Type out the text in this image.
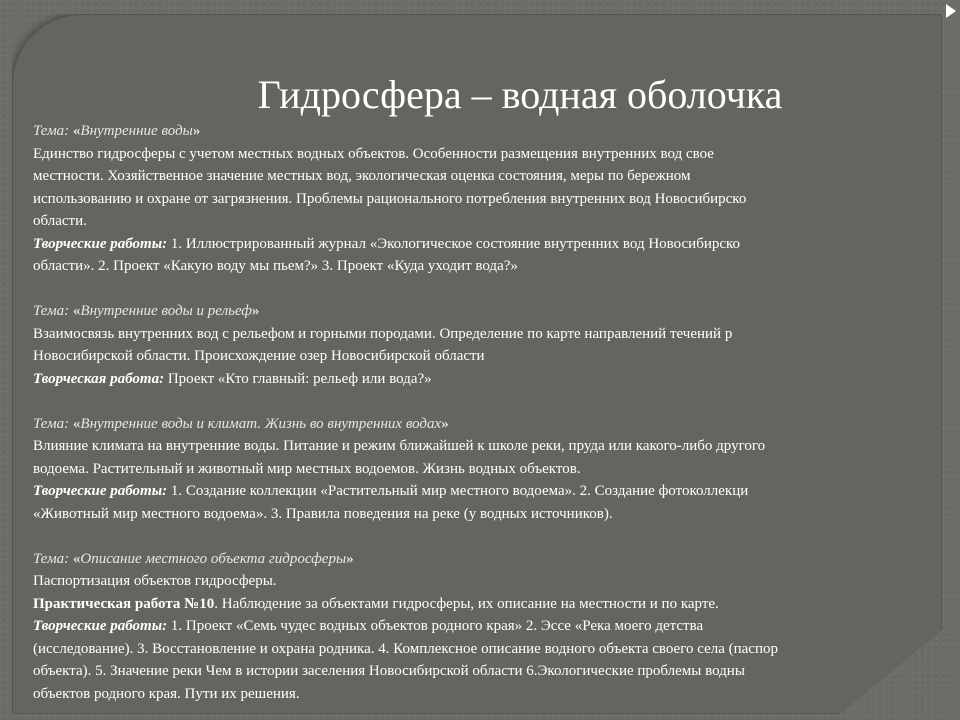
Гидросфера – водная оболочка

Тема: «Внутренние воды»

Единство гидросферы с учетом местных водных объектов. Особенности размещения внутренних вод свое

местности. Хозяйственное значение местных вод, экологическая оценка состояния, меры по бережном

использованию и охране от загрязнения. Проблемы рационального потребления внутренних вод Новосибирско

области.

Творческие работы: 1. Иллюстрированный журнал «Экологическое состояние внутренних вод Новосибирско

области». 2. Проект «Какую воду мы пьем?» 3. Проект «Куда уходит вода?»

Тема: «Внутренние воды и рельеф»

Взаимосвязь внутренних вод с рельефом и горными породами. Определение по карте направлений течений р

Новосибирской области. Происхождение озер Новосибирской области

Творческая работа: Проект «Кто главный: рельеф или вода?»

Тема: «Внутренние воды и климат. Жизнь во внутренних водах»

Влияние климата на внутренние воды. Питание и режим ближайшей к школе реки, пруда или какого-либо другого

водоема. Растительный и животный мир местных водоемов. Жизнь водных объектов.

Творческие работы: 1. Создание коллекции «Растительный мир местного водоема». 2. Создание фотоколлекци

«Животный мир местного водоема». 3. Правила поведения на реке (у водных источников).

Тема: «Описание местного объекта гидросферы»

Паспортизация объектов гидросферы.

Практическая работа №10. Наблюдение за объектами гидросферы, их описание на местности и по карте.

Творческие работы: 1. Проект «Семь чудес водных объектов родного края» 2. Эссе «Река моего детства

(исследование). 3. Восстановление и охрана родника. 4. Комплексное описание водного объекта своего села (паспор

объекта). 5. Значение реки Чем в истории заселения Новосибирской области 6.Экологические проблемы водны

объектов родного края. Пути их решения.
